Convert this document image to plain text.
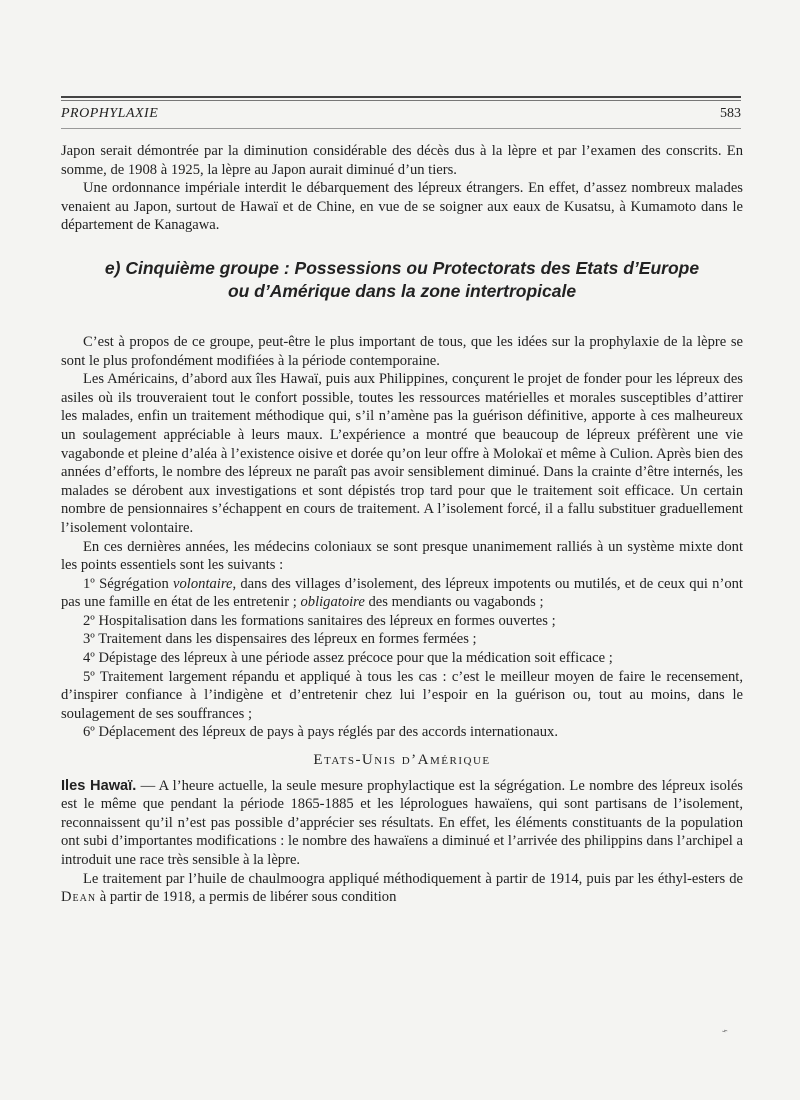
PROPHYLAXIE	583

Japon serait démontrée par la diminution considérable des décès dus à la lèpre et par l’examen des conscrits. En somme, de 1908 à 1925, la lèpre au Japon aurait diminué d’un tiers.

Une ordonnance impériale interdit le débarquement des lépreux étrangers. En effet, d’assez nombreux malades venaient au Japon, surtout de Hawaï et de Chine, en vue de se soigner aux eaux de Kusatsu, à Kumamoto dans le département de Kanagawa.

e) Cinquième groupe : Possessions ou Protectorats des Etats d’Europe
ou d’Amérique dans la zone intertropicale

C’est à propos de ce groupe, peut-être le plus important de tous, que les idées sur la prophylaxie de la lèpre se sont le plus profondément modifiées à la période contemporaine.

Les Américains, d’abord aux îles Hawaï, puis aux Philippines, conçurent le projet de fonder pour les lépreux des asiles où ils trouveraient tout le confort possible, toutes les ressources matérielles et morales susceptibles d’attirer les malades, enfin un traitement méthodique qui, s’il n’amène pas la guérison définitive, apporte à ces malheureux un soulagement appréciable à leurs maux. L’expérience a montré que beaucoup de lépreux préfèrent une vie vagabonde et pleine d’aléa à l’existence oisive et dorée qu’on leur offre à Molokaï et même à Culion. Après bien des années d’efforts, le nombre des lépreux ne paraît pas avoir sensiblement diminué. Dans la crainte d’être internés, les malades se dérobent aux investigations et sont dépistés trop tard pour que le traitement soit efficace. Un certain nombre de pensionnaires s’échappent en cours de traitement. A l’isolement forcé, il a fallu substituer graduellement l’isolement volontaire.

En ces dernières années, les médecins coloniaux se sont presque unanimement ralliés à un système mixte dont les points essentiels sont les suivants :

1º Ségrégation volontaire, dans des villages d’isolement, des lépreux impotents ou mutilés, et de ceux qui n’ont pas une famille en état de les entretenir ; obligatoire des mendiants ou vagabonds ;

2º Hospitalisation dans les formations sanitaires des lépreux en formes ouvertes ;

3º Traitement dans les dispensaires des lépreux en formes fermées ;

4º Dépistage des lépreux à une période assez précoce pour que la médication soit efficace ;

5º Traitement largement répandu et appliqué à tous les cas : c’est le meilleur moyen de faire le recensement, d’inspirer confiance à l’indigène et d’entretenir chez lui l’espoir en la guérison ou, tout au moins, dans le soulagement de ses souffrances ;

6º Déplacement des lépreux de pays à pays réglés par des accords internationaux.

Etats-Unis d’Amérique

Iles Hawaï. — A l’heure actuelle, la seule mesure prophylactique est la ségrégation. Le nombre des lépreux isolés est le même que pendant la période 1865-1885 et les léprologues hawaïens, qui sont partisans de l’isolement, reconnaissent qu’il n’est pas possible d’apprécier ses résultats. En effet, les éléments constituants de la population ont subi d’importantes modifications : le nombre des hawaïens a diminué et l’arrivée des philippins dans l’archipel a introduit une race très sensible à la lèpre.

Le traitement par l’huile de chaulmoogra appliqué méthodiquement à partir de 1914, puis par les éthyl-esters de Dean à partir de 1918, a permis de libérer sous condition

⌁
